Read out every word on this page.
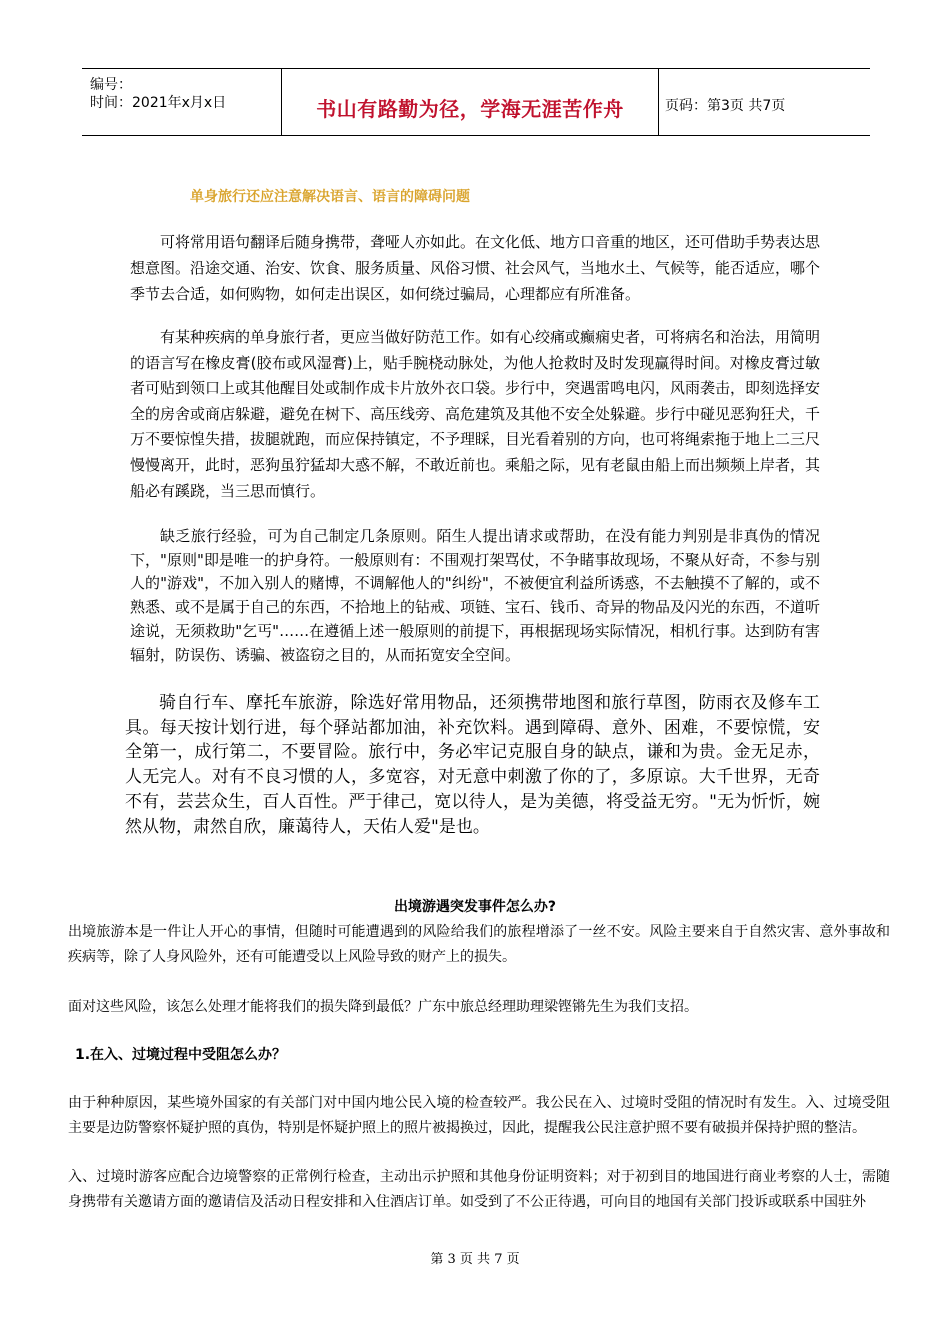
编号：
时间：2021年x月x日	书山有路勤为径，学海无涯苦作舟	页码：第3页 共7页
单身旅行还应注意解决语言、语言的障碍问题

可将常用语句翻译后随身携带，聋哑人亦如此。在文化低、地方口音重的地区，还可借助手势表达思想意图。沿途交通、治安、饮食、服务质量、风俗习惯、社会风气，当地水土、气候等，能否适应，哪个季节去合适，如何购物，如何走出误区，如何绕过骗局，心理都应有所准备。

有某种疾病的单身旅行者，更应当做好防范工作。如有心绞痛或癫痫史者，可将病名和治法，用简明的语言写在橡皮膏(胶布或风湿膏)上，贴手腕桡动脉处，为他人抢救时及时发现赢得时间。对橡皮膏过敏者可贴到领口上或其他醒目处或制作成卡片放外衣口袋。步行中，突遇雷鸣电闪，风雨袭击，即刻选择安全的房舍或商店躲避，避免在树下、高压线旁、高危建筑及其他不安全处躲避。步行中碰见恶狗狂犬，千万不要惊惶失措，拔腿就跑，而应保持镇定，不予理睬，目光看着别的方向，也可将绳索拖于地上二三尺慢慢离开，此时，恶狗虽狞猛却大惑不解，不敢近前也。乘船之际，见有老鼠由船上而出频频上岸者，其船必有蹊跷，当三思而慎行。

缺乏旅行经验，可为自己制定几条原则。陌生人提出请求或帮助，在没有能力判别是非真伪的情况下，"原则"即是唯一的护身符。一般原则有：不围观打架骂仗，不争睹事故现场，不聚从好奇，不参与别人的"游戏"，不加入别人的赌博，不调解他人的"纠纷"，不被便宜利益所诱惑，不去触摸不了解的，或不熟悉、或不是属于自己的东西，不拾地上的钻戒、项链、宝石、钱币、奇异的物品及闪光的东西，不道听途说，无须救助"乞丐"……在遵循上述一般原则的前提下，再根据现场实际情况，相机行事。达到防有害辐射，防误伤、诱骗、被盗窃之目的，从而拓宽安全空间。

骑自行车、摩托车旅游，除选好常用物品，还须携带地图和旅行草图，防雨衣及修车工具。每天按计划行进，每个驿站都加油，补充饮料。遇到障碍、意外、困难，不要惊慌，安全第一，成行第二，不要冒险。旅行中，务必牢记克服自身的缺点，谦和为贵。金无足赤，人无完人。对有不良习惯的人，多宽容，对无意中刺激了你的了，多原谅。大千世界，无奇不有，芸芸众生，百人百性。严于律己，宽以待人，是为美德，将受益无穷。"无为忻忻，婉然从物，肃然自欣，廉蔼待人，天佑人爱"是也。

出境游遇突发事件怎么办?

出境旅游本是一件让人开心的事情，但随时可能遭遇到的风险给我们的旅程增添了一丝不安。风险主要来自于自然灾害、意外事故和疾病等，除了人身风险外，还有可能遭受以上风险导致的财产上的损失。

面对这些风险，该怎么处理才能将我们的损失降到最低？广东中旅总经理助理梁铿锵先生为我们支招。

1.在入、过境过程中受阻怎么办？

由于种种原因，某些境外国家的有关部门对中国内地公民入境的检查较严。我公民在入、过境时受阻的情况时有发生。入、过境受阻主要是边防警察怀疑护照的真伪，特别是怀疑护照上的照片被揭换过，因此，提醒我公民注意护照不要有破损并保持护照的整洁。

入、过境时游客应配合边境警察的正常例行检查，主动出示护照和其他身份证明资料；对于初到目的地国进行商业考察的人士，需随身携带有关邀请方面的邀请信及活动日程安排和入住酒店订单。如受到了不公正待遇，可向目的地国有关部门投诉或联系中国驻外

第 3 页 共 7 页
